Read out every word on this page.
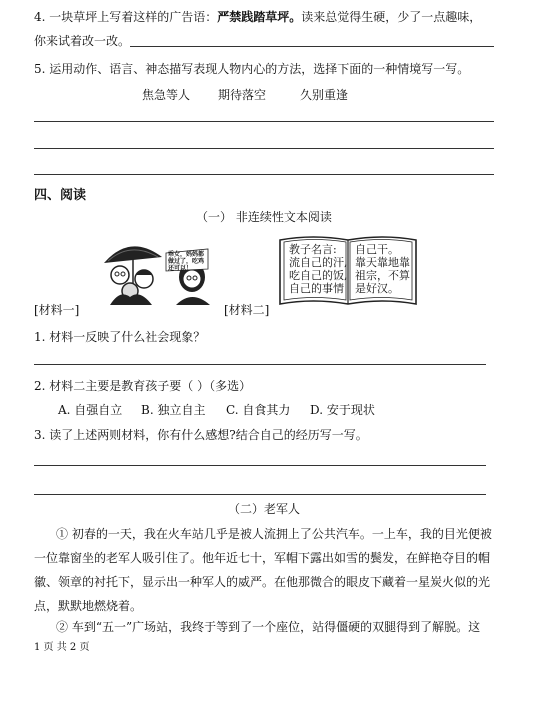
4. 一块草坪上写着这样的广告语：严禁践踏草坪。读来总觉得生硬，少了一点趣味，
你来试着改一改。
5. 运用动作、语言、神态描写表现人物内心的方法，选择下面的一种情境写一写。
焦急等人 期待落空	久别重逢
四、阅读
（一） 非连续性文本阅读
乖女，妈妈都做过了，吃鸡还可以！
[材料一]	[材料二]
教子名言:
流自己的汗,
吃自己的饭,
自己的事情
自己干。
靠天靠地靠
祖宗，不算
是好汉。
1. 材料一反映了什么社会现象？
2. 材料二主要是教育孩子要（ ）（多选）
A. 自强自立 B. 独立自主 C. 自食其力 D. 安于现状
3. 读了上述两则材料，你有什么感想?结合自己的经历写一写。
（二）老军人
① 初春的一天，我在火车站几乎是被人流拥上了公共汽车。一上车，我的目光便被
一位靠窗坐的老军人吸引住了。他年近七十，军帽下露出如雪的鬓发，在鲜艳夺目的帽
徽、领章的衬托下，显示出一种军人的威严。在他那微合的眼皮下藏着一星炭火似的光
点，默默地燃烧着。
② 车到“五一”广场站，我终于等到了一个座位，站得僵硬的双腿得到了解脱。这
1 页 共 2 页
